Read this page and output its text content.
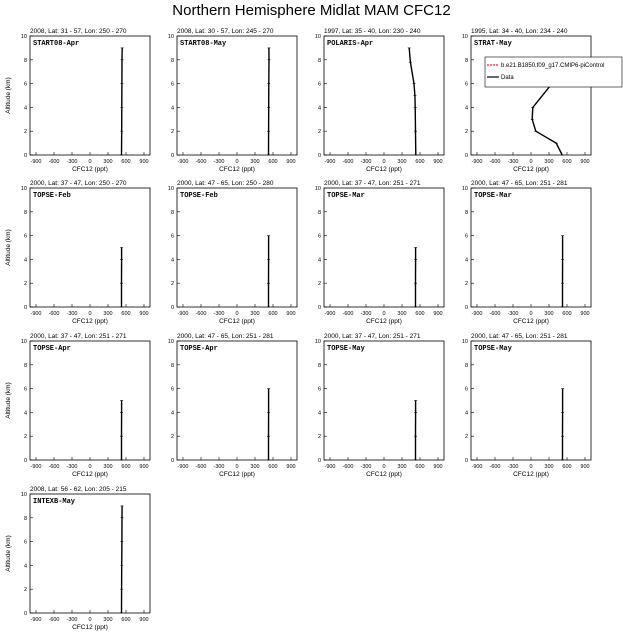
Northern Hemisphere Midlat MAM CFC12
2008, Lat: 31 - 57, Lon: 250 - 270
-900 -600 -300 0 300 600 900
0
2
4
6
8
10
CFC12 (ppt)
Altitude (km)
START08-Apr
2008, Lat: 30 - 57, Lon: 245 - 270
-900 -600 -300 0 300 600 900
0
2
4
6
8
10
CFC12 (ppt)
START08-May
1997, Lat: 35 - 40, Lon: 230 - 240
-900 -600 -300 0 300 600 900
0
2
4
6
8
10
CFC12 (ppt)
POLARIS-Apr
1995, Lat: 34 - 40, Lon: 234 - 240
-900 -600 -300 0 300 600 900
0
2
4
6
8
10
CFC12 (ppt)
STRAT-May
b.e21.B1850.f09_g17.CMIP6-piControl
Data
2000, Lat: 37 - 47, Lon: 250 - 270
-900 -600 -300 0 300 600 900
0
2
4
6
8
10
CFC12 (ppt)
Altitude (km)
TOPSE-Feb
2000, Lat: 47 - 65, Lon: 250 - 280
-900 -600 -300 0 300 600 900
0
2
4
6
8
10
CFC12 (ppt)
TOPSE-Feb
2000, Lat: 37 - 47, Lon: 251 - 271
-900 -600 -300 0 300 600 900
0
2
4
6
8
10
CFC12 (ppt)
TOPSE-Mar
2000, Lat: 47 - 65, Lon: 251 - 281
-900 -600 -300 0 300 600 900
0
2
4
6
8
10
CFC12 (ppt)
TOPSE-Mar
2000, Lat: 37 - 47, Lon: 251 - 271
-900 -600 -300 0 300 600 900
0
2
4
6
8
10
CFC12 (ppt)
Altitude (km)
TOPSE-Apr
2000, Lat: 47 - 65, Lon: 251 - 281
-900 -600 -300 0 300 600 900
0
2
4
6
8
10
CFC12 (ppt)
TOPSE-Apr
2000, Lat: 37 - 47, Lon: 251 - 271
-900 -600 -300 0 300 600 900
0
2
4
6
8
10
CFC12 (ppt)
TOPSE-May
2000, Lat: 47 - 65, Lon: 251 - 281
-900 -600 -300 0 300 600 900
0
2
4
6
8
10
CFC12 (ppt)
TOPSE-May
2008, Lat: 56 - 62, Lon: 205 - 215
-900 -600 -300 0 300 600 900
0
2
4
6
8
10
CFC12 (ppt)
Altitude (km)
INTEXB-May
